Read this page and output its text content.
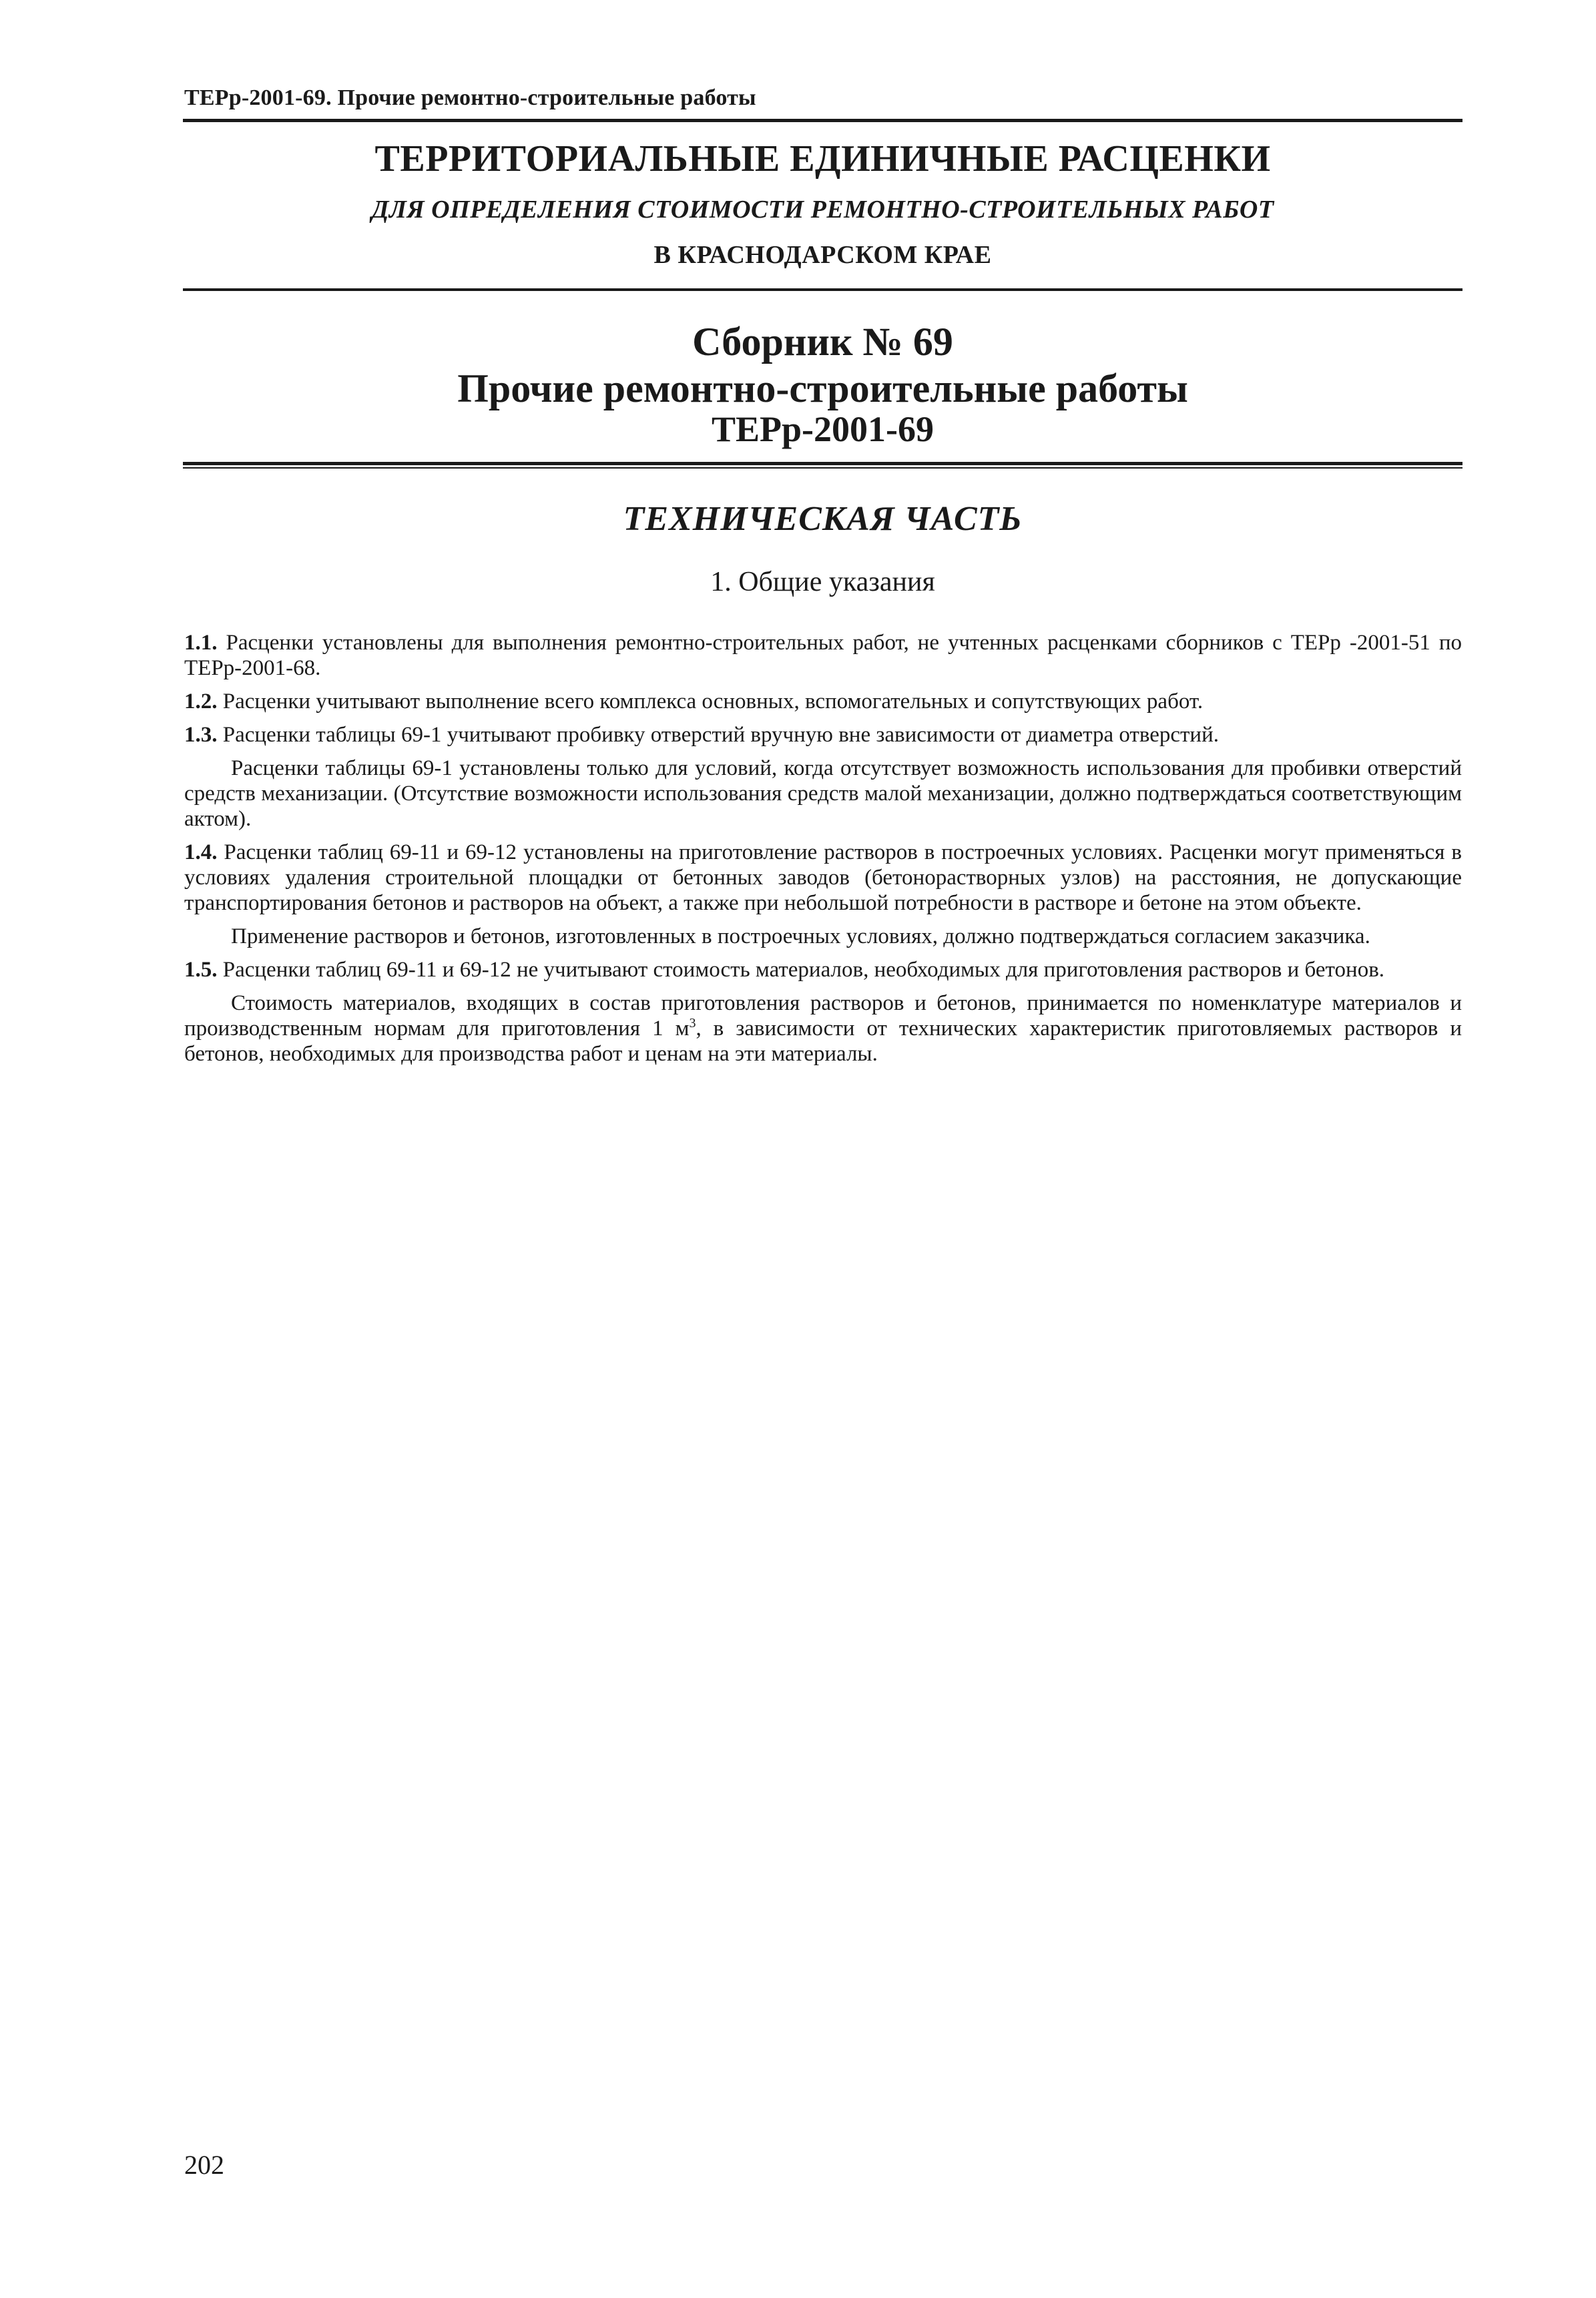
ТЕРр-2001-69. Прочие ремонтно-строительные работы
ТЕРРИТОРИАЛЬНЫЕ ЕДИНИЧНЫЕ РАСЦЕНКИ
ДЛЯ ОПРЕДЕЛЕНИЯ СТОИМОСТИ РЕМОНТНО-СТРОИТЕЛЬНЫХ РАБОТ
В КРАСНОДАРСКОМ КРАЕ
Сборник № 69
Прочие ремонтно-строительные работы
ТЕРр-2001-69
ТЕХНИЧЕСКАЯ ЧАСТЬ
1. Общие указания

1.1. Расценки установлены для выполнения ремонтно-строительных работ, не учтенных расценками сборников с ТЕРр -2001-51 по ТЕРр-2001-68.

1.2. Расценки учитывают выполнение всего комплекса основных, вспомогательных и сопутствующих работ.

1.3. Расценки таблицы 69-1 учитывают пробивку отверстий вручную вне зависимости от диаметра отверстий.

Расценки таблицы 69-1 установлены только для условий, когда отсутствует возможность использования для пробивки отверстий средств механизации. (Отсутствие возможности использования средств малой механизации, должно подтверждаться соответствующим актом).

1.4. Расценки таблиц 69-11 и 69-12 установлены на приготовление растворов в построечных условиях. Расценки могут применяться в условиях удаления строительной площадки от бетонных заводов (бетонорастворных узлов) на расстояния, не допускающие транспортирования бетонов и растворов на объект, а также при небольшой потребности в растворе и бетоне на этом объекте.

Применение растворов и бетонов, изготовленных в построечных условиях, должно подтверждаться согласием заказчика.

1.5. Расценки таблиц 69-11 и 69-12 не учитывают стоимость материалов, необходимых для приготовления растворов и бетонов.

Стоимость материалов, входящих в состав приготовления растворов и бетонов, принимается по номенклатуре материалов и производственным нормам для приготовления 1 $м^3$, в зависимости от технических характеристик приготовляемых растворов и бетонов, необходимых для производства работ и ценам на эти материалы.

202
